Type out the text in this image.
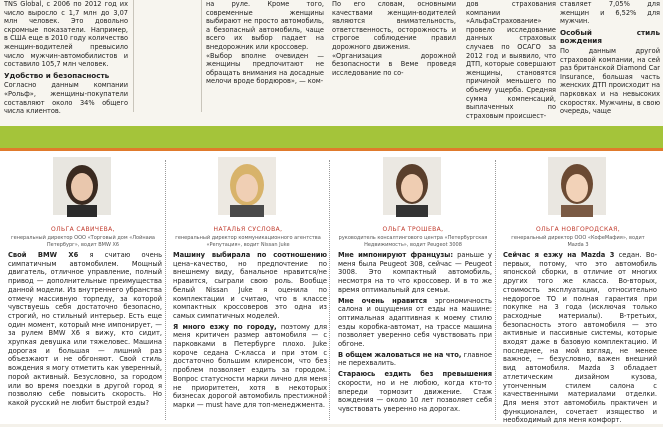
TNS Global, с 2006 по 2012 год их число выросло с 1,7 млн до 3,07 млн человек. Это довольно скромные показатели. Например, в США еще в 2010 году количество женщин-водителей превысило число мужчин-автомобилистов и составило 105,7 млн человек.

Удобство и безопасность

Согласно данным компании «Рольф», женщины-покупатели составляют около 34% общего числа клиентов.

на руле. Кроме того, современные женщины выбирают не просто автомобиль, а безопасный автомобиль, чаще всего их выбор падает на внедорожник или кроссовер.

«Выбор вполне очевиден — женщины предпочитают не обращать внимания на досадные мелочи вроде бордюров», — ком-

По его словам, основными качествами женщин-водителей являются внимательность, ответственность, осторожность и строгое соблюдение правил дорожного движения.

«Организация дорожной безопасности в Веме проведя исследование по со-

дов страхования компании «АльфаСтрахование» провело исследование данных страховых случаев по ОСАГО за 2012 год и выявило, что ДТП, которые совершают женщины, становятся причиной меньшего по объему ущерба. Средняя сумма компенсаций, выплаченных по страховым происшест-

ставляет 7,05% для женщин и 6,52% для мужчин.

Особый стиль вождения

По данным другой страховой компании, на сей раз британской Diamond Car Insurance, большая часть женских ДТП происходит на парковках и на невысоких скоростях. Мужчины, в свою очередь, чаще

ОЛЬГА САВИЧЕВА,
генеральный директор ООО «Торговый дом «Лойнаиа Петербург», водит BMW X6

Свой BMW X6 я считаю очень симпатичным автомобилем. Мощный двигатель, отличное управление, полный привод — дополнительные преимущества данной модели. Из внутреннего убранства отмечу массивную торпеду, за которой чувствуешь себя достаточно безопасно, строгий, но стильный интерьер. Есть еще один момент, который мне импонирует, — за рулем BMW X6 я вижу, кто сидит, хрупкая девушка или тяжеловес. Машина дорогая и большая — лишний раз объезжают и не обгоняют. Свой стиль вождения я могу отметить как уверенный, порой активный. Безусловно, за городом или во время поездки в другой город я позволяю себе повысить скорость. Но какой русский не любит быстрой езды?

НАТАЛЬЯ СУСЛОВА,
генеральный директор коммуникационного агентства «Репутация», водит Nissan Juke

Машину выбирала по соотношению цена–качество, но предпочтение по внешнему виду, банальное нравится/не нравится, сыграли свою роль. Вообще белый Nissan Juke я оценила по комплектации и считаю, что в классе компактных кроссоверов это одна из самых симпатичных моделей.

Я много езжу по городу, поэтому для меня критичен размер автомобиля — с парковками в Петербурге плохо. Juke короче седана С-класса и при этом с достаточно большим клиренсом, что без проблем позволяет ездить за городом. Вопрос статусности марки лично для меня не приоритетен, хотя в некоторых бизнесах дорогой автомобиль престижной марки — must have для топ-менеджмента.

ОЛЬГА ТРОШЕВА,
руководитель консалтингового центра «Петербургская Недвижимость», водит Peugeot 3008

Мне импонируют французы: раньше у меня была Peugeot 308, сейчас — Peugeot 3008. Это компактный автомобиль, несмотря на то что кроссовер. И в то же время оптимальный для семьи.

Мне очень нравится эргономичность салона и ощущения от езды на машине: оптимальная адаптивная к моему стилю езды коробка-автомат, на трассе машина позволяет уверенно себя чувствовать при обгоне.

В общем жаловаться не на что, главное не перехвалить.

Стараюсь ездить без превышения скорости, но и не любою, когда кто-то впереди тормозит движение. Стаж вождения — около 10 лет позволяет себя чувствовать уверенно на дорогах.

ОЛЬГА НОВГОРОДСКАЯ,
генеральный директор ООО «КофеМафия», водит Mazda 3

Сейчас я езжу на Mazda 3 седан. Во-первых, потому, что это автомобиль японской сборки, в отличие от многих других того же класса. Во-вторых, стоимость эксплуатации, относительно недорогое ТО и полная гарантия при покупке на 3 года (исключая только расходные материалы). В-третьих, безопасность этого автомобиля — это активные и пассивные системы, которые входят даже в базовую комплектацию. И последнее, на мой взгляд, не менее важное, — безусловно, важен внешний вид автомобиля. Mazda 3 обладает атлетическим дизайном кузова, утонченным стилем салона с качественными материалами отделки. Для меня этот автомобиль практичен и функционален, сочетает изящество и необходимый для меня комфорт.
